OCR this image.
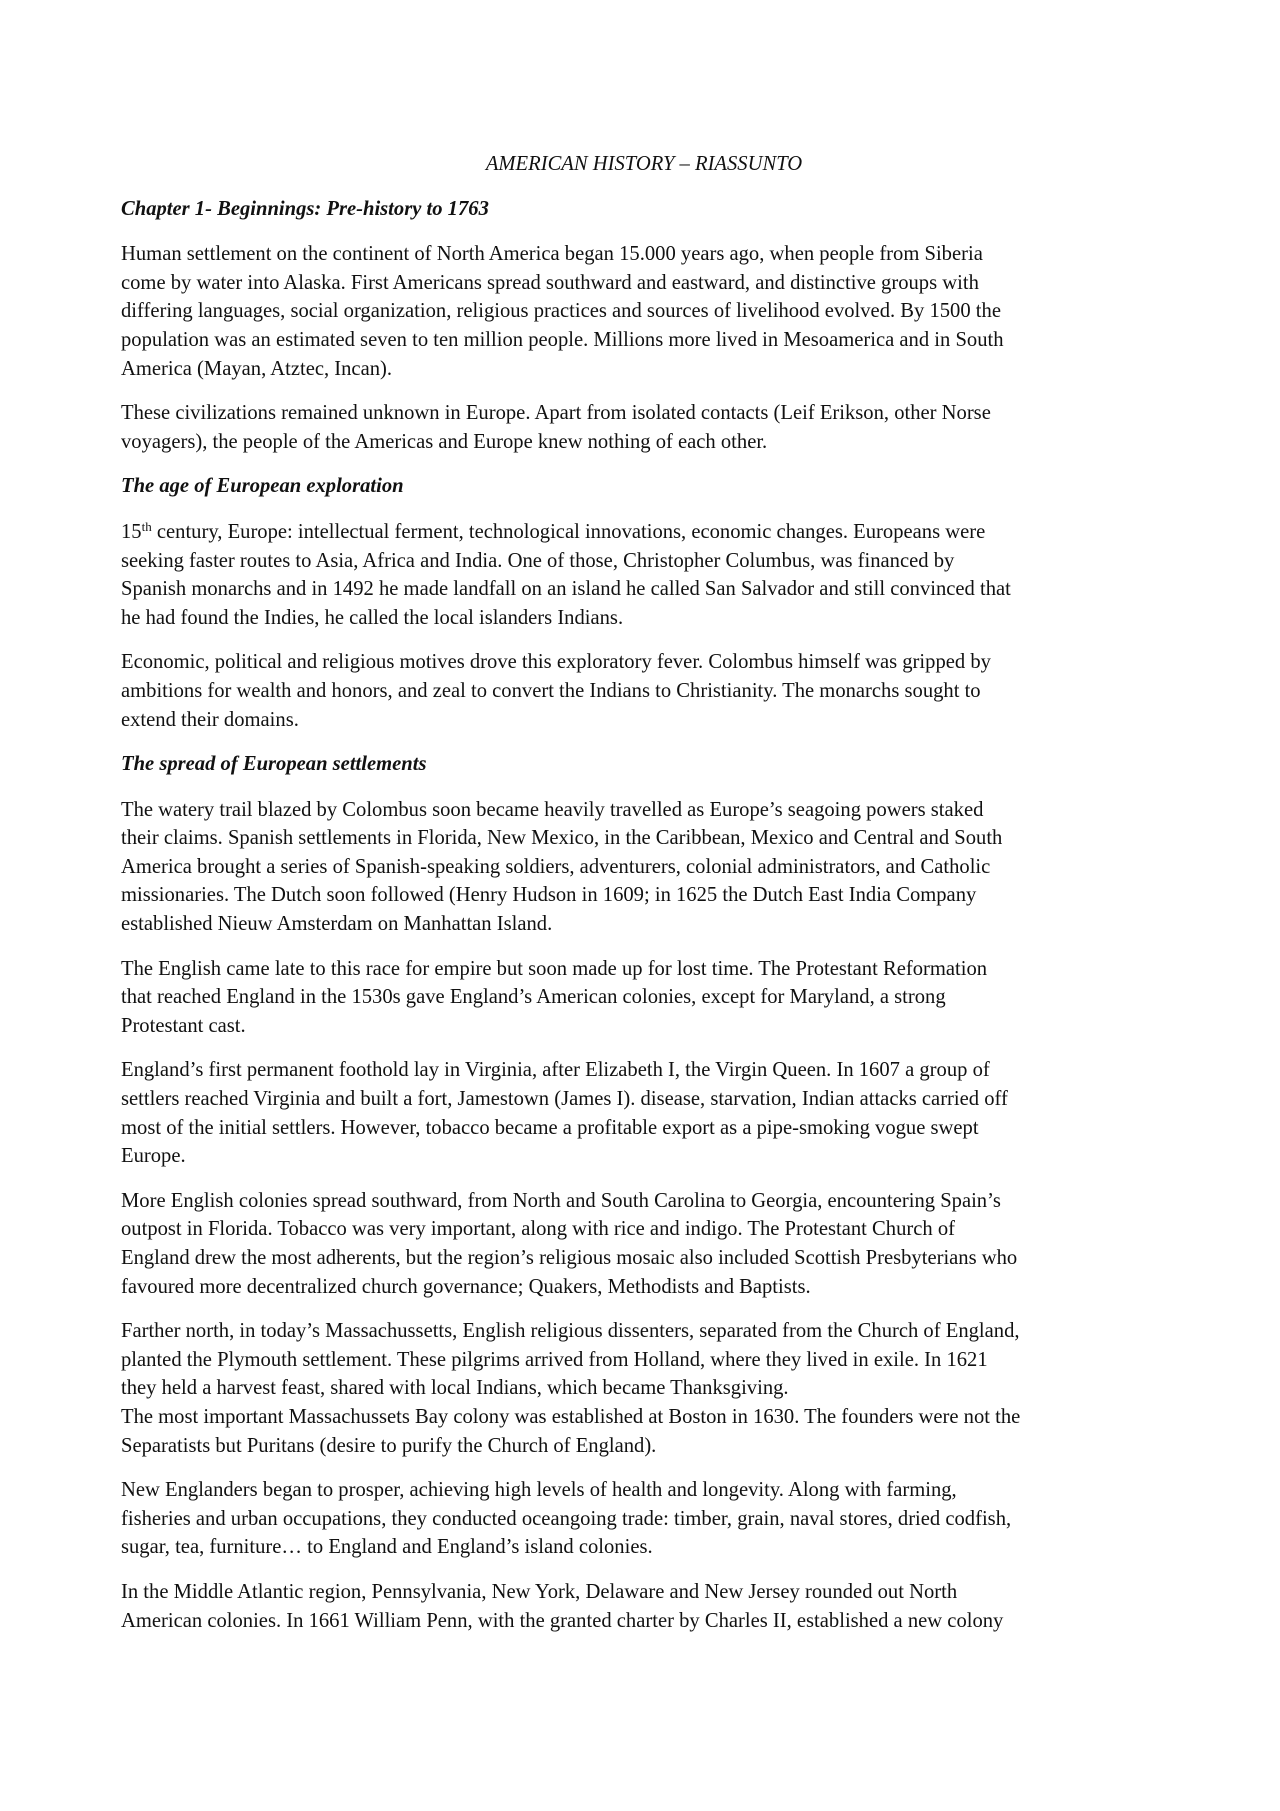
AMERICAN HISTORY – RIASSUNTO
Chapter 1- Beginnings: Pre-history to 1763
Human settlement on the continent of North America began 15.000 years ago, when people from Siberia
come by water into Alaska. First Americans spread southward and eastward, and distinctive groups with
differing languages, social organization, religious practices and sources of livelihood evolved. By 1500 the
population was an estimated seven to ten million people. Millions more lived in Mesoamerica and in South
America (Mayan, Atztec, Incan).
These civilizations remained unknown in Europe. Apart from isolated contacts (Leif Erikson, other Norse
voyagers), the people of the Americas and Europe knew nothing of each other.
The age of European exploration
15th century, Europe: intellectual ferment, technological innovations, economic changes. Europeans were
seeking faster routes to Asia, Africa and India. One of those, Christopher Columbus, was financed by
Spanish monarchs and in 1492 he made landfall on an island he called San Salvador and still convinced that
he had found the Indies, he called the local islanders Indians.
Economic, political and religious motives drove this exploratory fever. Colombus himself was gripped by
ambitions for wealth and honors, and zeal to convert the Indians to Christianity. The monarchs sought to
extend their domains.
The spread of European settlements
The watery trail blazed by Colombus soon became heavily travelled as Europe’s seagoing powers staked
their claims. Spanish settlements in Florida, New Mexico, in the Caribbean, Mexico and Central and South
America brought a series of Spanish-speaking soldiers, adventurers, colonial administrators, and Catholic
missionaries. The Dutch soon followed (Henry Hudson in 1609; in 1625 the Dutch East India Company
established Nieuw Amsterdam on Manhattan Island.
The English came late to this race for empire but soon made up for lost time. The Protestant Reformation
that reached England in the 1530s gave England’s American colonies, except for Maryland, a strong
Protestant cast.
England’s first permanent foothold lay in Virginia, after Elizabeth I, the Virgin Queen. In 1607 a group of
settlers reached Virginia and built a fort, Jamestown (James I). disease, starvation, Indian attacks carried off
most of the initial settlers. However, tobacco became a profitable export as a pipe-smoking vogue swept
Europe.
More English colonies spread southward, from North and South Carolina to Georgia, encountering Spain’s
outpost in Florida. Tobacco was very important, along with rice and indigo. The Protestant Church of
England drew the most adherents, but the region’s religious mosaic also included Scottish Presbyterians who
favoured more decentralized church governance; Quakers, Methodists and Baptists.
Farther north, in today’s Massachussetts, English religious dissenters, separated from the Church of England,
planted the Plymouth settlement. These pilgrims arrived from Holland, where they lived in exile. In 1621
they held a harvest feast, shared with local Indians, which became Thanksgiving.
The most important Massachussets Bay colony was established at Boston in 1630. The founders were not the
Separatists but Puritans (desire to purify the Church of England).
New Englanders began to prosper, achieving high levels of health and longevity. Along with farming,
fisheries and urban occupations, they conducted oceangoing trade: timber, grain, naval stores, dried codfish,
sugar, tea, furniture… to England and England’s island colonies.
In the Middle Atlantic region, Pennsylvania, New York, Delaware and New Jersey rounded out North
American colonies. In 1661 William Penn, with the granted charter by Charles II, established a new colony
